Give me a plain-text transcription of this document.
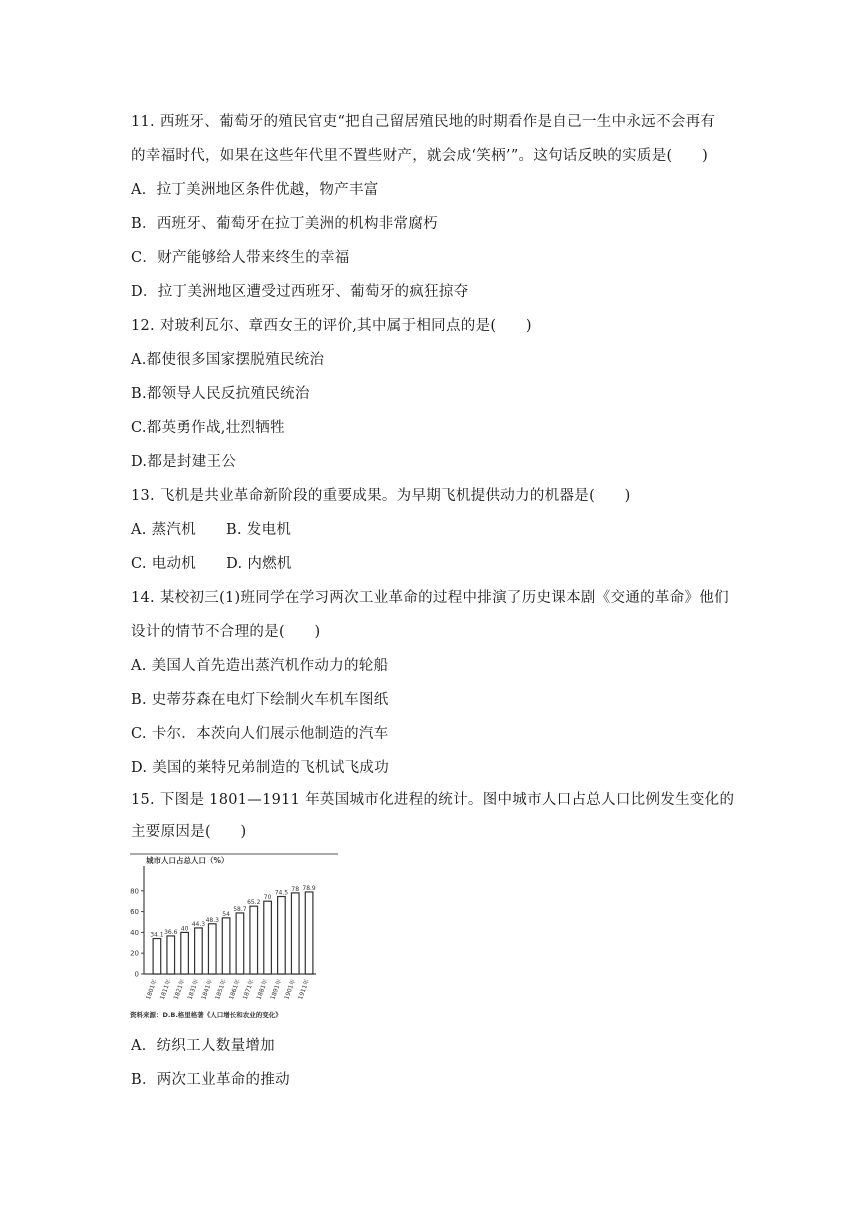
11. 西班牙、葡萄牙的殖民官吏“把自己留居殖民地的时期看作是自己一生中永远不会再有
的幸福时代，如果在这些年代里不置些财产，就会成‘笑柄’”。这句话反映的实质是(　　)
A．拉丁美洲地区条件优越，物产丰富
B．西班牙、葡萄牙在拉丁美洲的机构非常腐朽
C．财产能够给人带来终生的幸福
D．拉丁美洲地区遭受过西班牙、葡萄牙的疯狂掠夺
12. 对玻利瓦尔、章西女王的评价,其中属于相同点的是(　　)
A.都使很多国家摆脱殖民统治
B.都领导人民反抗殖民统治
C.都英勇作战,壮烈牺牲
D.都是封建王公
13. 飞机是共业革命新阶段的重要成果。为早期飞机提供动力的机器是(　　)
A. 蒸汽机 B. 发电机
C. 电动机 D. 内燃机
14. 某校初三(1)班同学在学习两次工业革命的过程中排演了历史课本剧《交通的革命》他们
设计的情节不合理的是(　　)
A. 美国人首先造出蒸汽机作动力的轮船
B. 史蒂芬森在电灯下绘制火车机车图纸
C. 卡尔．本茨向人们展示他制造的汽车
D. 美国的莱特兄弟制造的飞机试飞成功
15. 下图是 1801—1911 年英国城市化进程的统计。图中城市人口占总人口比例发生变化的
主要原因是(　　)
城市人口占总人口（%）
0
20
40
60
80
34.1 36.6
40
44.3
48.3
54
58.7
65.2
70
74.5
78 78.9
1801年 1811年 1821年 1831年 1841年 1851年 1861年 1871年 1881年 1891年 1901年 1911年
资料来源：D.B.格里格著《人口增长和农业的变化》
A．纺织工人数量增加
B．两次工业革命的推动
